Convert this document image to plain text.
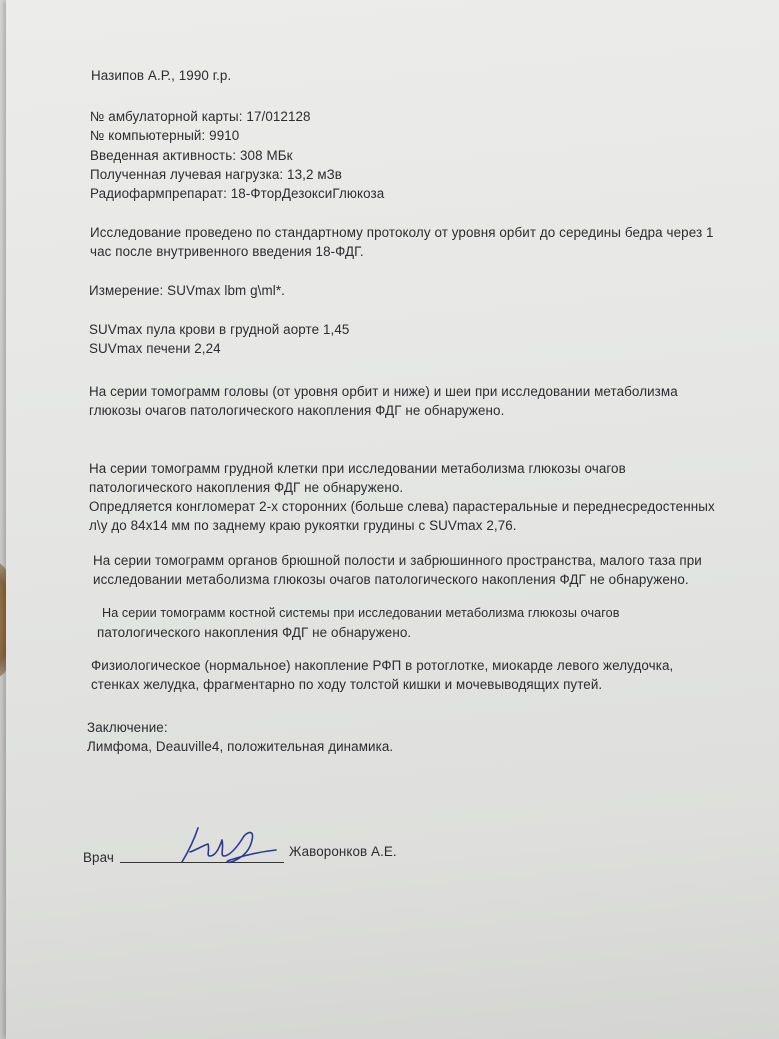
Назипов А.Р., 1990 г.р.
№ амбулаторной карты: 17/012128
№ компьютерный: 9910
Введенная активность: 308 МБк
Полученная лучевая нагрузка: 13,2 мЗв
Радиофармпрепарат: 18-ФторДезоксиГлюкоза
Исследование проведено по стандартному протоколу от уровня орбит до середины бедра через 1
час после внутривенного введения 18-ФДГ.
Измерение: SUVmax lbm g\ml*.
SUVmax пула крови в грудной аорте 1,45
SUVmax печени 2,24
На серии томограмм головы (от уровня орбит и ниже) и шеи при исследовании метаболизма
глюкозы очагов патологического накопления ФДГ не обнаружено.
На серии томограмм грудной клетки при исследовании метаболизма глюкозы очагов
патологического накопления ФДГ не обнаружено.
Опредляется конгломерат 2-х сторонних (больше слева) парастеральные и переднесредостенных
л\у до 84х14 мм по заднему краю рукоятки грудины с SUVmax 2,76.
На серии томограмм органов брюшной полости и забрюшинного пространства, малого таза при
исследовании метаболизма глюкозы очагов патологического накопления ФДГ не обнаружено.
На серии томограмм костной системы при исследовании метаболизма глюкозы очагов
патологического накопления ФДГ не обнаружено.
Физиологическое (нормальное) накопление РФП в ротоглотке, миокарде левого желудочка,
стенках желудка, фрагментарно по ходу толстой кишки и мочевыводящих путей.
Заключение:
Лимфома, Deauville4, положительная динамика.
Врач	Жаворонков А.Е.
